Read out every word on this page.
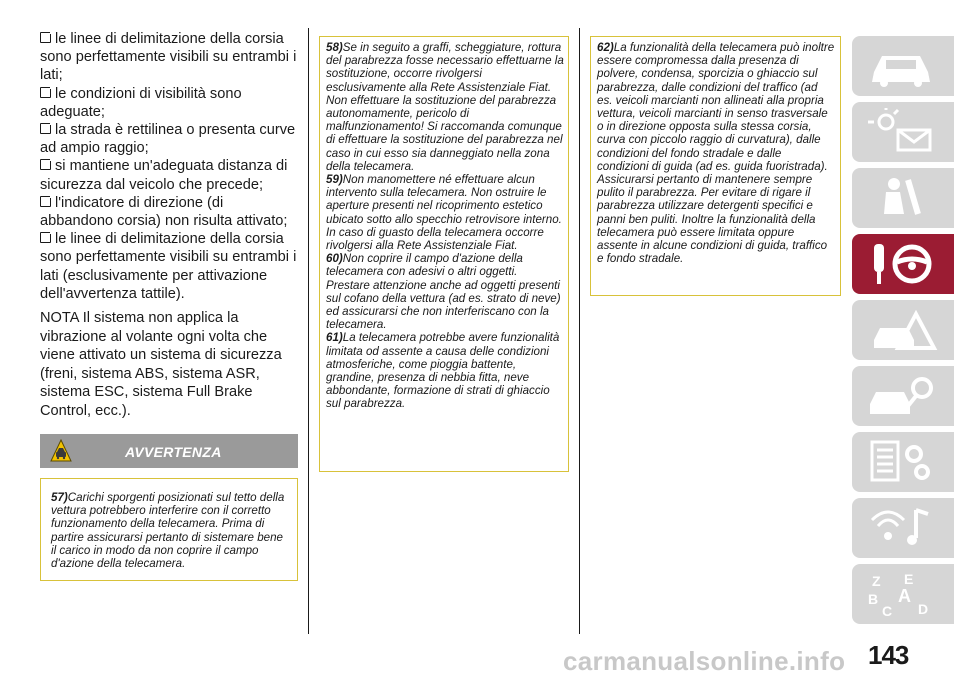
le linee di delimitazione della corsia sono perfettamente visibili su entrambi i lati;

le condizioni di visibilità sono adeguate;

la strada è rettilinea o presenta curve ad ampio raggio;

si mantiene un'adeguata distanza di sicurezza dal veicolo che precede;

l'indicatore di direzione (di abbandono corsia) non risulta attivato;

le linee di delimitazione della corsia sono perfettamente visibili su entrambi i lati (esclusivamente per attivazione dell'avvertenza tattile).

NOTA Il sistema non applica la vibrazione al volante ogni volta che viene attivato un sistema di sicurezza (freni, sistema ABS, sistema ASR, sistema ESC, sistema Full Brake Control, ecc.).

AVVERTENZA

57)Carichi sporgenti posizionati sul tetto della vettura potrebbero interferire con il corretto funzionamento della telecamera. Prima di partire assicurarsi pertanto di sistemare bene il carico in modo da non coprire il campo d'azione della telecamera.

58)Se in seguito a graffi, scheggiature, rottura del parabrezza fosse necessario effettuarne la sostituzione, occorre rivolgersi esclusivamente alla Rete Assistenziale Fiat. Non effettuare la sostituzione del parabrezza autonomamente, pericolo di malfunzionamento! Si raccomanda comunque di effettuare la sostituzione del parabrezza nel caso in cui esso sia danneggiato nella zona della telecamera.

59)Non manomettere né effettuare alcun intervento sulla telecamera. Non ostruire le aperture presenti nel ricoprimento estetico ubicato sotto allo specchio retrovisore interno. In caso di guasto della telecamera occorre rivolgersi alla Rete Assistenziale Fiat.

60)Non coprire il campo d'azione della telecamera con adesivi o altri oggetti. Prestare attenzione anche ad oggetti presenti sul cofano della vettura (ad es. strato di neve) ed assicurarsi che non interferiscano con la telecamera.

61)La telecamera potrebbe avere funzionalità limitata od assente a causa delle condizioni atmosferiche, come pioggia battente, grandine, presenza di nebbia fitta, neve abbondante, formazione di strati di ghiaccio sul parabrezza.

62)La funzionalità della telecamera può inoltre essere compromessa dalla presenza di polvere, condensa, sporcizia o ghiaccio sul parabrezza, dalle condizioni del traffico (ad es. veicoli marcianti non allineati alla propria vettura, veicoli marcianti in senso trasversale o in direzione opposta sulla stessa corsia, curva con piccolo raggio di curvatura), dalle condizioni del fondo stradale e dalle condizioni di guida (ad es. guida fuoristrada). Assicurarsi pertanto di mantenere sempre pulito il parabrezza. Per evitare di rigare il parabrezza utilizzare detergenti specifici e panni ben puliti. Inoltre la funzionalità della telecamera può essere limitata oppure assente in alcune condizioni di guida, traffico e fondo stradale.

Z E
B A
C D
carmanualsonline.info 143
